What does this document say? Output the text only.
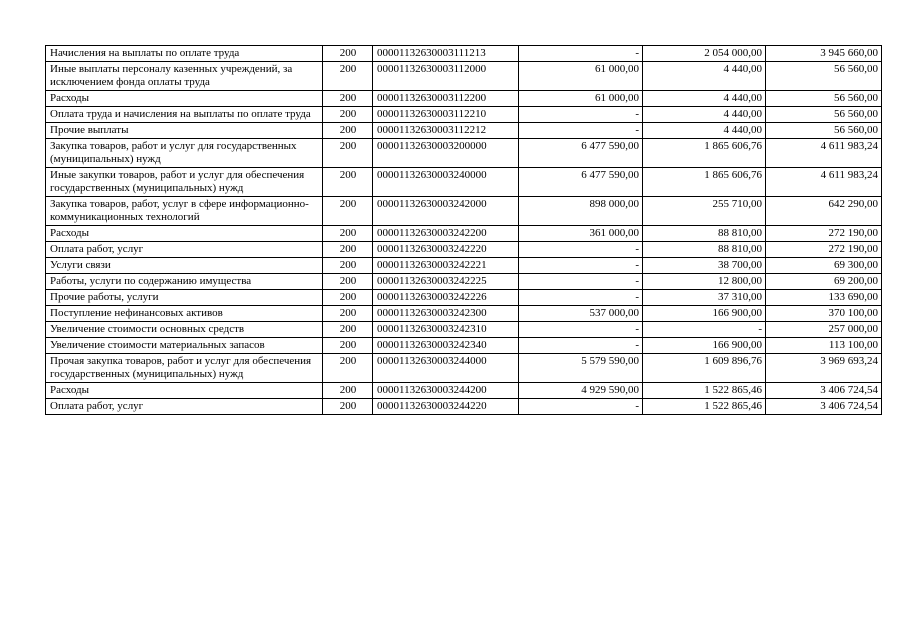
Начисления на выплаты по оплате труда	200	00001132630003111213	-	2 054 000,00	3 945 660,00
Иные выплаты персоналу казенных учреждений, за исключением фонда оплаты труда	200	00001132630003112000	61 000,00	4 440,00	56 560,00
Расходы	200	00001132630003112200	61 000,00	4 440,00	56 560,00
Оплата труда и начисления на выплаты по оплате труда	200	00001132630003112210	-	4 440,00	56 560,00
Прочие выплаты	200	00001132630003112212	-	4 440,00	56 560,00
Закупка товаров, работ и услуг для государственных (муниципальных) нужд	200	00001132630003200000	6 477 590,00	1 865 606,76	4 611 983,24
Иные закупки товаров, работ и услуг для обеспечения государственных (муниципальных) нужд	200	00001132630003240000	6 477 590,00	1 865 606,76	4 611 983,24
Закупка товаров, работ, услуг в сфере информационно-коммуникационных технологий	200	00001132630003242000	898 000,00	255 710,00	642 290,00
Расходы	200	00001132630003242200	361 000,00	88 810,00	272 190,00
Оплата работ, услуг	200	00001132630003242220	-	88 810,00	272 190,00
Услуги связи	200	00001132630003242221	-	38 700,00	69 300,00
Работы, услуги по содержанию имущества	200	00001132630003242225	-	12 800,00	69 200,00
Прочие работы, услуги	200	00001132630003242226	-	37 310,00	133 690,00
Поступление нефинансовых активов	200	00001132630003242300	537 000,00	166 900,00	370 100,00
Увеличение стоимости основных средств	200	00001132630003242310	-	-	257 000,00
Увеличение стоимости материальных запасов	200	00001132630003242340	-	166 900,00	113 100,00
Прочая закупка товаров, работ и услуг для обеспечения государственных (муниципальных) нужд	200	00001132630003244000	5 579 590,00	1 609 896,76	3 969 693,24
Расходы	200	00001132630003244200	4 929 590,00	1 522 865,46	3 406 724,54
Оплата работ, услуг	200	00001132630003244220	-	1 522 865,46	3 406 724,54
